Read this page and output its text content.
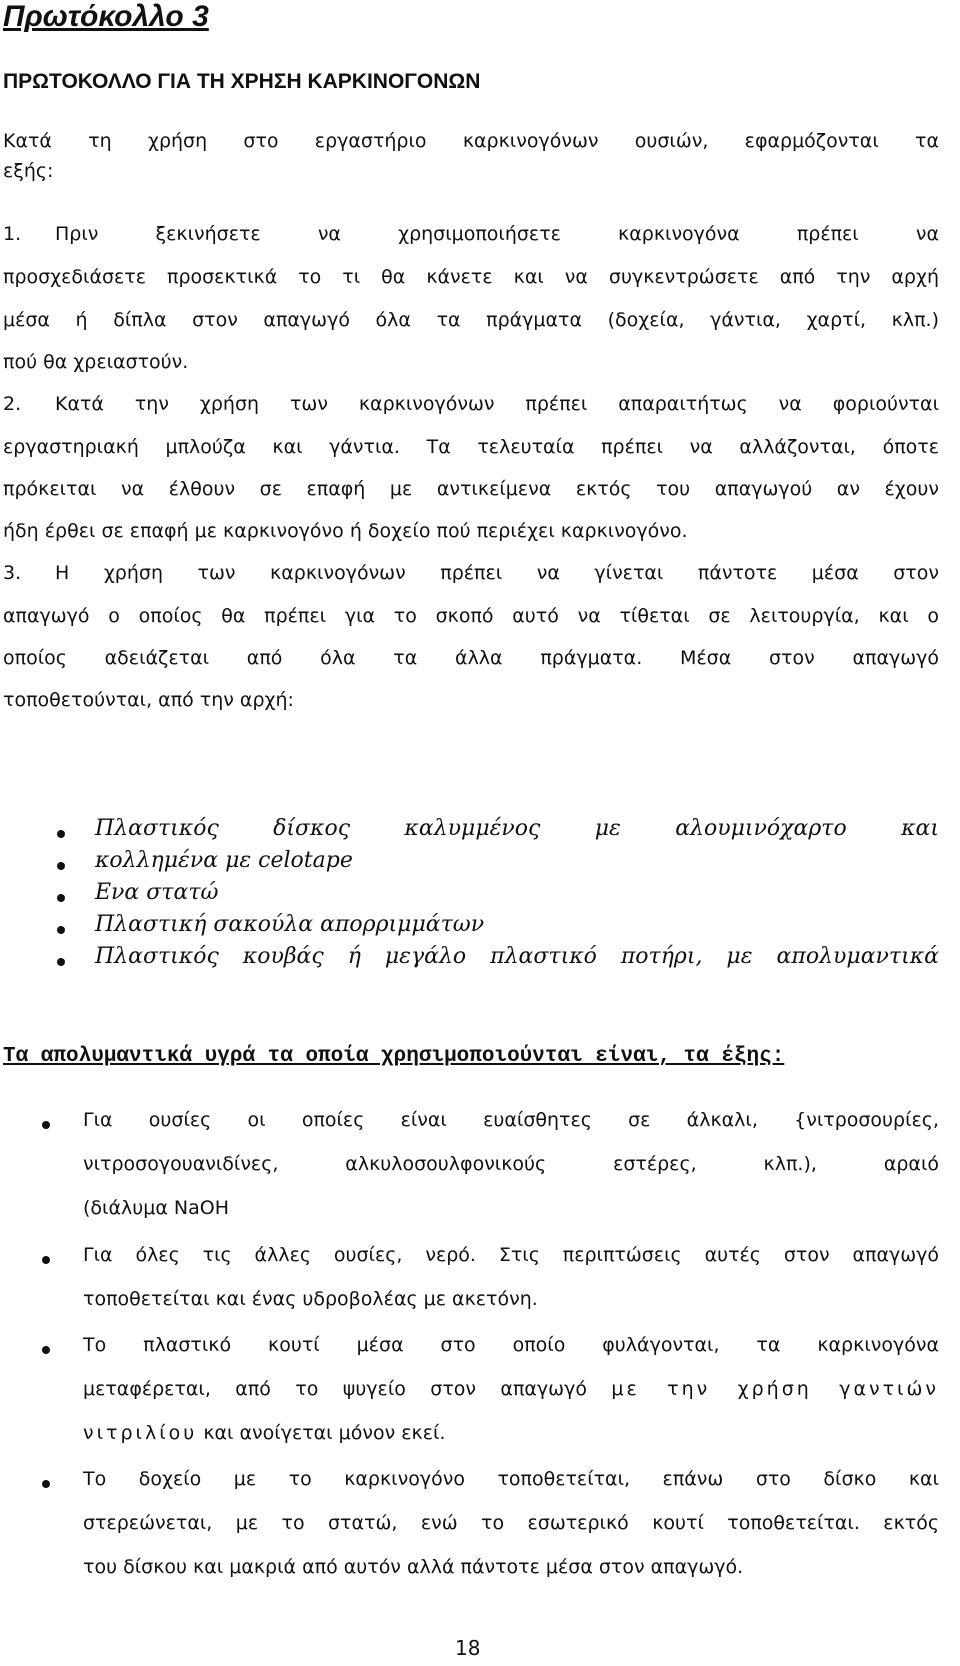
Πρωτόκολλο 3
ΠΡΩΤΟΚΟΛΛΟ ΓΙΑ ΤΗ ΧΡΗΣΗ ΚΑΡΚΙΝΟΓΟΝΩΝ
Κατά τη χρήση στο εργαστήριο καρκινογόνων ουσιών, εφαρμόζονται τα
εξής:
1. Πριν ξεκινήσετε να χρησιμοποιήσετε καρκινογόνα πρέπει να
προσχεδιάσετε προσεκτικά το τι θα κάνετε και να συγκεντρώσετε από την αρχή
μέσα ή δίπλα στον απαγωγό όλα τα πράγματα (δοχεία, γάντια, χαρτί, κλπ.)
πού θα χρειαστούν.
2. Κατά την χρήση των καρκινογόνων πρέπει απαραιτήτως να φοριούνται
εργαστηριακή μπλούζα και γάντια. Τα τελευταία πρέπει να αλλάζονται, όποτε
πρόκειται να έλθουν σε επαφή με αντικείμενα εκτός του απαγωγού αν έχουν
ήδη έρθει σε επαφή με καρκινογόνο ή δοχείο πού περιέχει καρκινογόνο.
3. Η χρήση των καρκινογόνων πρέπει να γίνεται πάντοτε μέσα στον
απαγωγό ο οποίος θα πρέπει για το σκοπό αυτό να τίθεται σε λειτουργία, και ο
οποίος αδειάζεται από όλα τα άλλα πράγματα. Μέσα στον απαγωγό
τοποθετούνται, από την αρχή:
Πλαστικός δίσκος καλυμμένος με αλουμινόχαρτο και
κολλημένα με celotape
Ενα στατώ
Πλαστική σακούλα απορριμμάτων
Πλαστικός κουβάς ή μεγάλο πλαστικό ποτήρι, με απολυμαντικά
Τα απολυμαντικά υγρά τα οποία χρησιμοποιούνται είναι, τα έξης:
Για ουσίες οι οποίες είναι ευαίσθητες σε άλκαλι, {νιτροσουρίες,
νιτροσογουανιδίνες, αλκυλοσουλφονικούς εστέρες, κλπ.), αραιό
(διάλυμα NaOH
Για όλες τις άλλες ουσίες, νερό. Στις περιπτώσεις αυτές στον απαγωγό
τοποθετείται και ένας υδροβολέας με ακετόνη.
Το πλαστικό κουτί μέσα στο οποίο φυλάγονται, τα καρκινογόνα
μεταφέρεται, από το ψυγείο στον απαγωγό με την χρήση γαντιών
νιτριλίου και ανοίγεται μόνον εκεί.
Το δοχείο με το καρκινογόνο τοποθετείται, επάνω στο δίσκο και
στερεώνεται, με το στατώ, ενώ το εσωτερικό κουτί τοποθετείται. εκτός
του δίσκου και μακριά από αυτόν αλλά πάντοτε μέσα στον απαγωγό.
18
